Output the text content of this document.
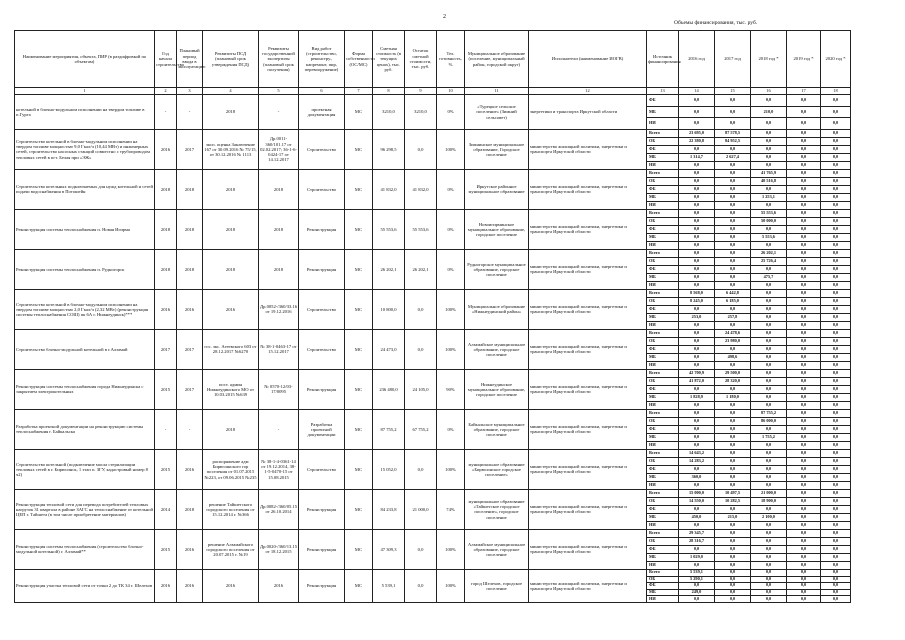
2
Объемы финансирования, тыс. руб.
Наименование мероприятия, объекта, ПИР (в раздифровкой по объектам)	Год начала строительства	Плановый период ввода в эксплуатацию	Реквизиты ПСД (плановый срок утверждения ПСД)	Реквизиты государственной экспертизы (плановый срок получения)	Вид работ (строительство, реконстру., капремонт, пир, перевооружение)	Форма собственности (ОС/МС)	Сметная стоимость (в текущих ценах), тыс. руб.	Остаток сметной стоимости, тыс. руб.	Тех. готовность, %	Муниципальное образование (поселение, муниципальный район, городской округ)	Исполнители (наименование ИОГВ)	Источник финансирования	2016 год	2017 год	2018 год *	2019 год *	2020 год *
1	2	3	4	5	6	7	8	9	10	11	12	13	14	15	16	17	18
котельной в блочно-модульном исполнении на твердом топливе в п.Гурга	-	-	2018	-	проектная документация	МС	3210,0	3210,0	0%	«Турецкое сельское поселение» (Зимний сельсовет)	энергетики и транспорта Иркутской области	ФБ	0,0	0,0	0,0	0,0	0,0
												МБ	0,0	0,0	210,0	0,0	0,0
												НИ	0,0	0,0	0,0	0,0	0,0
Строительство котельной в блочно-модульном исполнении на твердом топливе мощностью 9,0 Гкал/ч (10,44 МВт) и инженерных сетей, строительство насосных станций совместно с трубопроводом тепловых сетей в пгт. Белая при «ЭЖ»	2016	2017	эксп. оценка Заключение 167 от 30.09.2016 № 75/15, от 30.12.2016 № 1113	Др.0011-360/101.17 от 02.02.2017; 36-1-6-0424-17 от 14.12.2017	Строительство	МС	96 298,5	0,0	100%	Зимнинское муниципальное образование, Городское поселение	министерство жилищной политики, энергетики и транспорта Иркутской области	Всего	23 695,0	87 578,5	0,0	0,0	0,0
												ОБ	22 380,8	84 952,5	0,0	0,0	0,0
												ФБ	0,0	0,0	0,0	0,0	0,0
												МБ	1 314,7	2 627,4	0,0	0,0	0,0
												НИ	0,0	0,0	0,0	0,0	0,0
Строительство котельных подключаемых для нужд котельной и сетей подачи водоснабжения в Потошейн	2018	2018	2018	2018	Строительство	МС	41 832,0	41 832,0	0%	Иркутское районное муниципальное образование	министерство жилищной политики, энергетики и транспорта Иркутской области	Всего	0,0	0,0	41 765,9	0,0	0,0
												ОБ	0,0	0,0	40 516,8	0,0	0,0
												ФБ	0,0	0,0	0,0	0,0	0,0
												МБ	0,0	0,0	1 253,1	0,0	0,0
												НИ	0,0	0,0	0,0	0,0	0,0
Реконструкция системы теплоснабжения п. Новая Игирма	2018	2018	2018	2018	Реконструкция	МС	55 553,6	55 553,6	0%	Новоигирминское муниципальное образование, городское поселение	министерство жилищной политики, энергетики и транспорта Иркутской области	Всего	0,0	0,0	55 553,6	0,0	0,0
												ОБ	0,0	0,0	50 000,0	0,0	0,0
												ФБ	0,0	0,0	0,0	0,0	0,0
												МБ	0,0	0,0	5 553,6	0,0	0,0
												НИ	0,0	0,0	0,0	0,0	0,0
Реконструкция системы теплоснабжения п. Рудногорск	2018	2018	2018	2018	Реконструкция	МС	26 202,1	26 202,1	0%	Рудногорское муниципальное образование, городское поселение	министерство жилищной политики, энергетики и транспорта Иркутской области	Всего	0,0	0,0	26 202,1	0,0	0,0
												ОБ	0,0	0,0	25 726,4	0,0	0,0
												ФБ	0,0	0,0	0,0	0,0	0,0
												МБ	0,0	0,0	475,7	0,0	0,0
												НИ	0,0	0,0	0,0	0,0	0,0
Строительство котельной в блочно-модульном исполнении на твердом топливе мощностью 2,0 Гкал/ч (2,32 МВт) (реконструкция системы теплоснабжения СОШ) пк 6А г. Нижнеудинск)***	2016	2016	2016	Др.0052-/360/33.16 от 19.12.2016	Строительство	МС	10 800,0	0,0	100%	Муниципальное образование «Нижнеудинский район»	министерство жилищной политики, энергетики и транспорта Иркутской области	Всего	8 568,0	6 442,8	0,0	0,0	0,0
												ОБ	8 245,0	6 185,0	0,0	0,0	0,0
												ФБ	0,0	0,0	0,0	0,0	0,0
												МБ	253,0	257,8	0,0	0,0	0,0
												НИ	0,0	0,0	0,0	0,0	0,0
Строительство блочно-модульной котельной в г.Алзамай	2017	2017	гос. экс. Агеевского 603 от 28.12.2017 №6270	№ 38-1-0463-17 от 15.12.2017	Строительство	МС	24 473,0	0,0	100%	Алзамайское муниципальное образование, городское поселение	министерство жилищной политики, энергетики и транспорта Иркутской области	Всего	0,0	24 478,6	0,0	0,0	0,0
												ОБ	0,0	23 980,0	0,0	0,0	0,0
												ФБ	0,0	0,0	0,0	0,0	0,0
												МБ	0,0	498,6	0,0	0,0	0,0
												НИ	0,0	0,0	0,0	0,0	0,0
Реконструкция системы теплоснабжения города Нижнеудинска с закрытием электрокотельных	2015	2017	пост. админ Нижнеудинского МО от 10.03.2015 №639	№ 0570-12/03-17/0095	Реконструкция	МС	236 480,0	24 105,0	90%	Нижнеудинское муниципальное образование, городское поселение	министерство жилищной политики, энергетики и транспорта Иркутской области	Всего	42 700,9	29 500,0	0,0	0,0	0,0
												ОБ	41 872,0	28 320,0	0,0	0,0	0,0
												ФБ	0,0	0,0	0,0	0,0	0,0
												МБ	1 828,9	1 180,0	0,0	0,0	0,0
												НИ	0,0	0,0	0,0	0,0	0,0
Разработка проектной документации на реконструкцию системы теплоснабжения г. Байкальска	-	-	2018	-	Разработка проектной документации	МС	87 755,2	67 755,2	0%	Байкальское муниципальное образование, городское поселение	министерство жилищной политики, энергетики и транспорта Иркутской области	Всего	0,0	0,0	87 755,2	0,0	0,0
												ОБ	0,0	0,0	86 000,0	0,0	0,0
												ФБ	0,0	0,0	0,0	0,0	0,0
												МБ	0,0	0,0	1 755,2	0,0	0,0
												НИ	0,0	0,0	0,0	0,0	0,0
Строительство котельной (подключение масла стерилизации тепловых сетей в г. Бирюсинск, 1 этап п. ЗГУ, кадастровый номер 8 ч2)	2015	2016	распоряжение адм Бирюсинского гор поселения от 01.07.2015 №223, от 09.06.2015 №235	№ 38-1-4-0361-14 от 19.12.2014, 38-1-5-0470-15 от 15.08.2015	Строительство	МС	15 052,0	0,0	100%	муниципальное образование «Бирюсинское городское поселение»	министерство жилищной политики, энергетики и транспорта Иркутской области	Всего	14 643,2	0,0	0,0	0,0	0,0
												ОБ	14 283,2	0,0	0,0	0,0	0,0
												ФБ	0,0	0,0	0,0	0,0	0,0
												МБ	360,0	0,0	0,0	0,0	0,0
												НИ	0,0	0,0	0,0	0,0	0,0
Реконструкция тепловой сети для перевода потребителей тепловых нагрузок 31 квартала в районе ЗАГС на теплоснабжение от котельной ЦЕП г. Тайшета (в том числе приобретение материалов)	2014	2018	решение Тайшетского городского поселения от 15.12.2014 г. №366	Др.0082-/360/05.15 от 26.10.2014	Реконструкция	МС	84 233,8	21 000,0	74%	муниципальное образование «Тайшетское городское поселение», городское поселение	министерство жилищной политики, энергетики и транспорта Иркутской области	Всего	15 000,0	10 497,5	21 000,0	0,0	0,0
												ОБ	14 550,0	10 282,5	18 900,0	0,0	0,0
												ФБ	0,0	0,0	0,0	0,0	0,0
												МБ	450,0	215,0	2 100,0	0,0	0,0
												НИ	0,0	0,0	0,0	0,0	0,0
Реконструкция системы теплоснабжения (строительство блочно-модульной котельной) г. Алзамай**	2015	2016	решение Алзамайского городского поселения от 20.07.2015 г. №19	Др.0020-/360/13.15 от 18.12.2015	Реконструкция	МС	47 309,3	0,0	100%	Алзамайское муниципальное образование, городское поселение	министерство жилищной политики, энергетики и транспорта Иркутской области	Всего	29 345,7	0,0	0,0	0,0	0,0
												ОБ	28 316,7	0,0	0,0	0,0	0,0
												ФБ	0,0	0,0	0,0	0,0	0,0
												МБ	1 029,0	0,0	0,0	0,0	0,0
												НИ	0,0	0,0	0,0	0,0	0,0
Реконструкция участка тепловой сети от точки 2 до ТК 34 г. Шелехов	2016	2016	2016	2016	Реконструкция	МС	5 539,1	0,0	100%	город Шелехов, городское поселение	министерство жилищной политики, энергетики и транспорта Иркутской области	Всего	5 539,1	0,0	0,0	0,0	0,0
												ОБ	5 290,1	0,0	0,0	0,0	0,0
												ФБ	0,0	0,0	0,0	0,0	0,0
												МБ	249,0	0,0	0,0	0,0	0,0
												НИ	0,0	0,0	0,0	0,0	0,0
